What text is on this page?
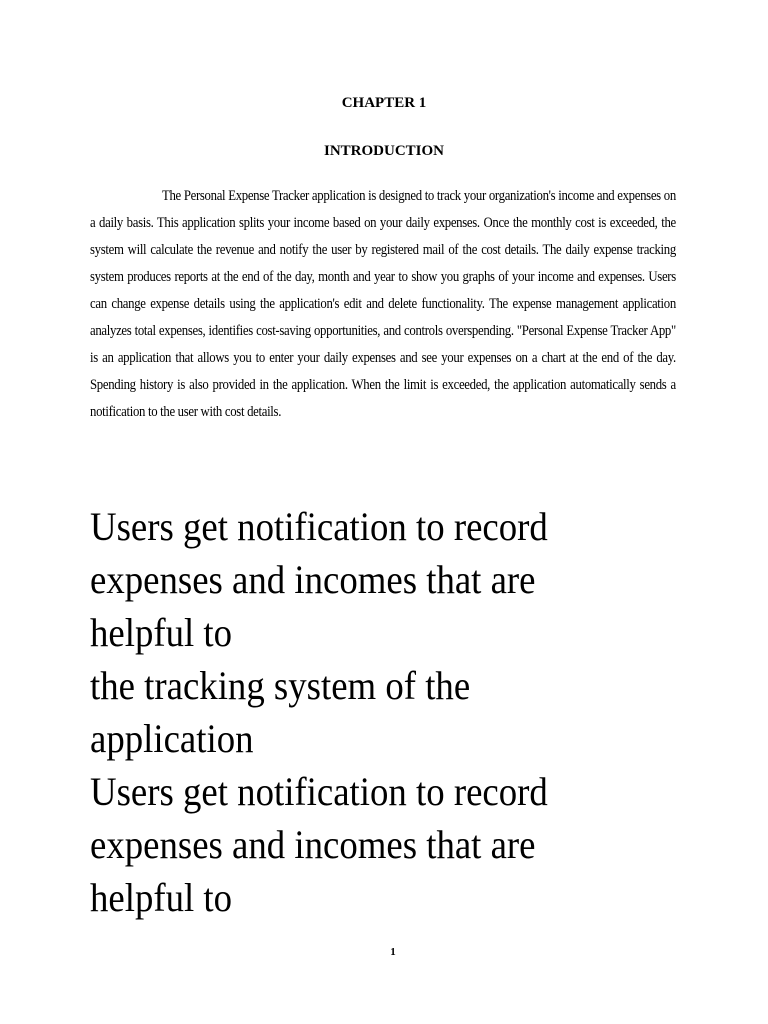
CHAPTER 1
INTRODUCTION

The Personal Expense Tracker application is designed to track your organization's income and expenses on a daily basis. This application splits your income based on your daily expenses. Once the monthly cost is exceeded, the system will calculate the revenue and notify the user by registered mail of the cost details. The daily expense tracking system produces reports at the end of the day, month and year to show you graphs of your income and expenses. Users can change expense details using the application's edit and delete functionality. The expense management application analyzes total expenses, identifies cost-saving opportunities, and controls overspending. "Personal Expense Tracker App" is an application that allows you to enter your daily expenses and see your expenses on a chart at the end of the day. Spending history is also provided in the application. When the limit is exceeded, the application automatically sends a notification to the user with cost details.

Users get notification to record

expenses and incomes that are

helpful to

the tracking system of the

application

Users get notification to record

expenses and incomes that are

helpful to

1
